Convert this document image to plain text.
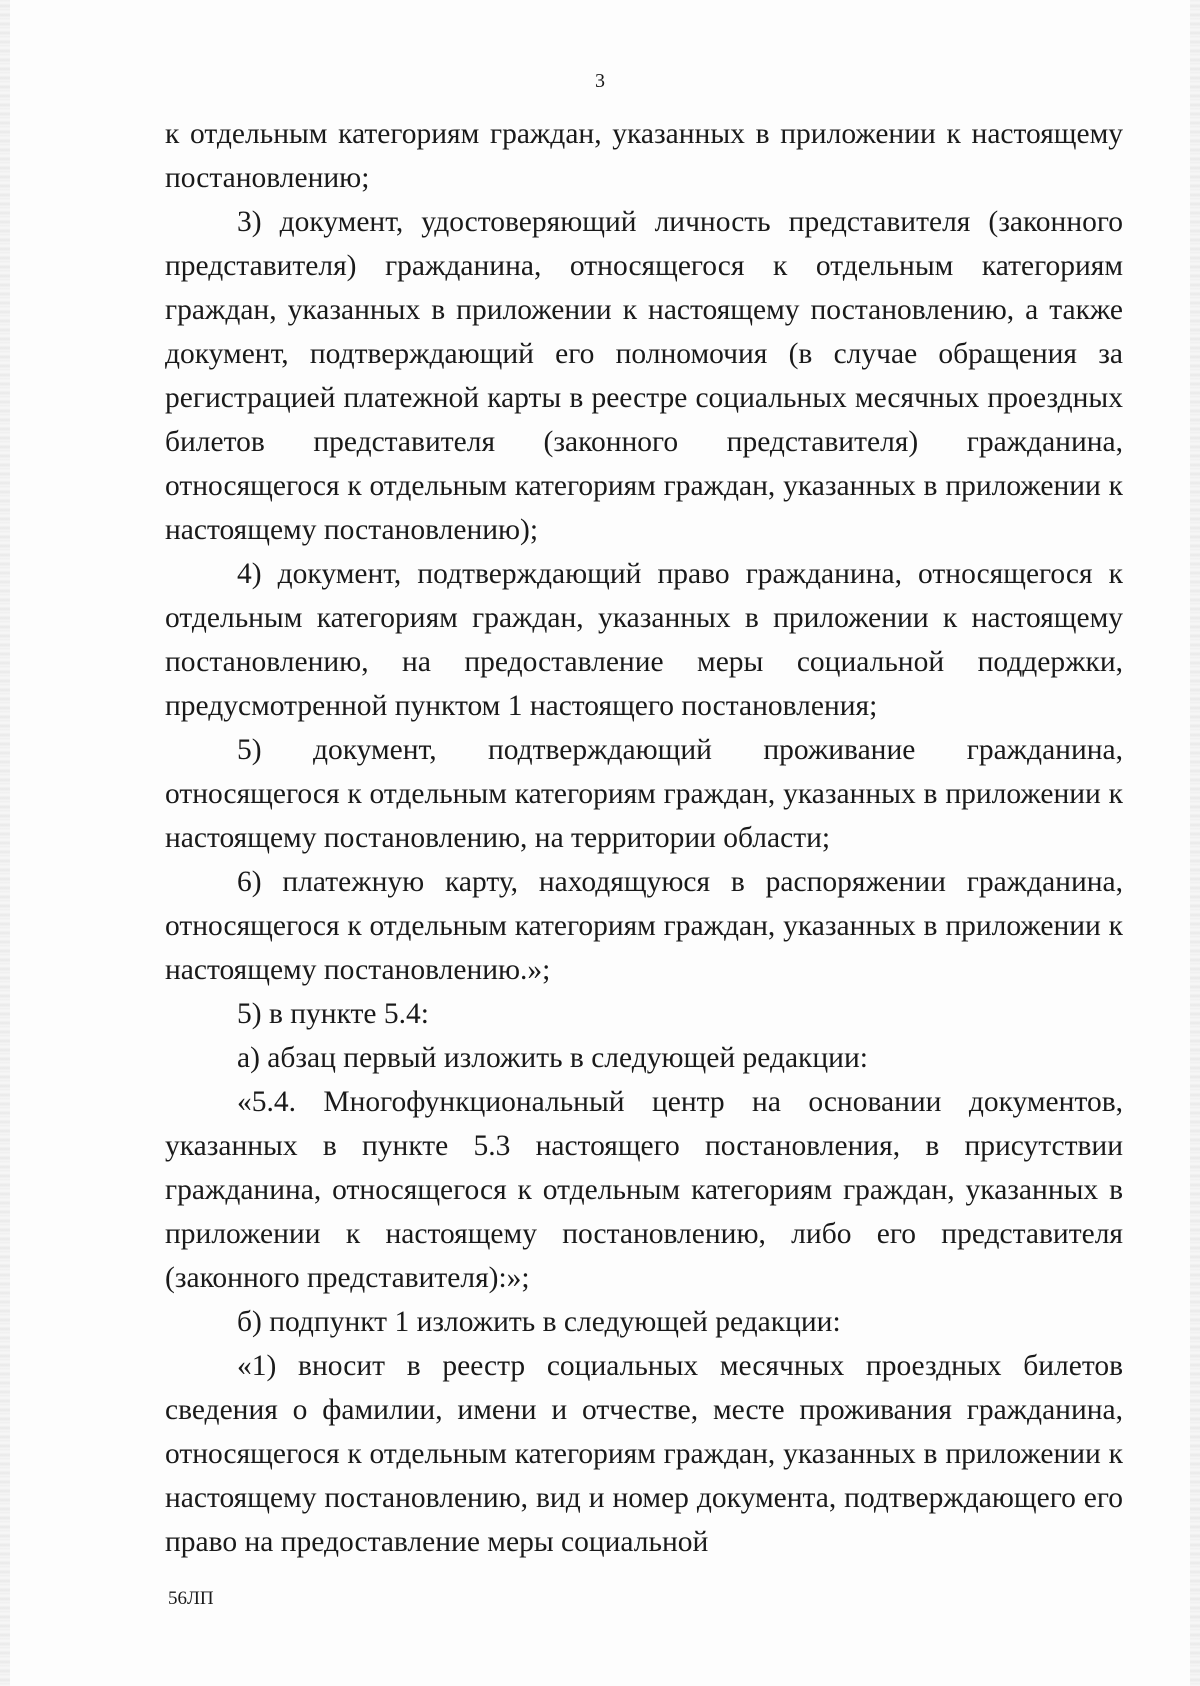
3

к отдельным категориям граждан, указанных в приложении к настоящему постановлению;

3) документ, удостоверяющий личность представителя (законного представителя) гражданина, относящегося к отдельным категориям граждан, указанных в приложении к настоящему постановлению, а также документ, подтверждающий его полномочия (в случае обращения за регистрацией платежной карты в реестре социальных месячных проездных билетов представителя (законного представителя) гражданина, относящегося к отдельным категориям граждан, указанных в приложении к настоящему постановлению);

4) документ, подтверждающий право гражданина, относящегося к отдельным категориям граждан, указанных в приложении к настоящему постановлению, на предоставление меры социальной поддержки, предусмотренной пунктом 1 настоящего постановления;

5) документ, подтверждающий проживание гражданина, относящегося к отдельным категориям граждан, указанных в приложении к настоящему постановлению, на территории области;

6) платежную карту, находящуюся в распоряжении гражданина, относящегося к отдельным категориям граждан, указанных в приложении к настоящему постановлению.»;

5) в пункте 5.4:

а) абзац первый изложить в следующей редакции:

«5.4. Многофункциональный центр на основании документов, указанных в пункте 5.3 настоящего постановления, в присутствии гражданина, относящегося к отдельным категориям граждан, указанных в приложении к настоящему постановлению, либо его представителя (законного представителя):»;

б) подпункт 1 изложить в следующей редакции:

«1) вносит в реестр социальных месячных проездных билетов сведения о фамилии, имени и отчестве, месте проживания гражданина, относящегося к отдельным категориям граждан, указанных в приложении к настоящему постановлению, вид и номер документа, подтверждающего его право на предоставление меры социальной

56ЛП
